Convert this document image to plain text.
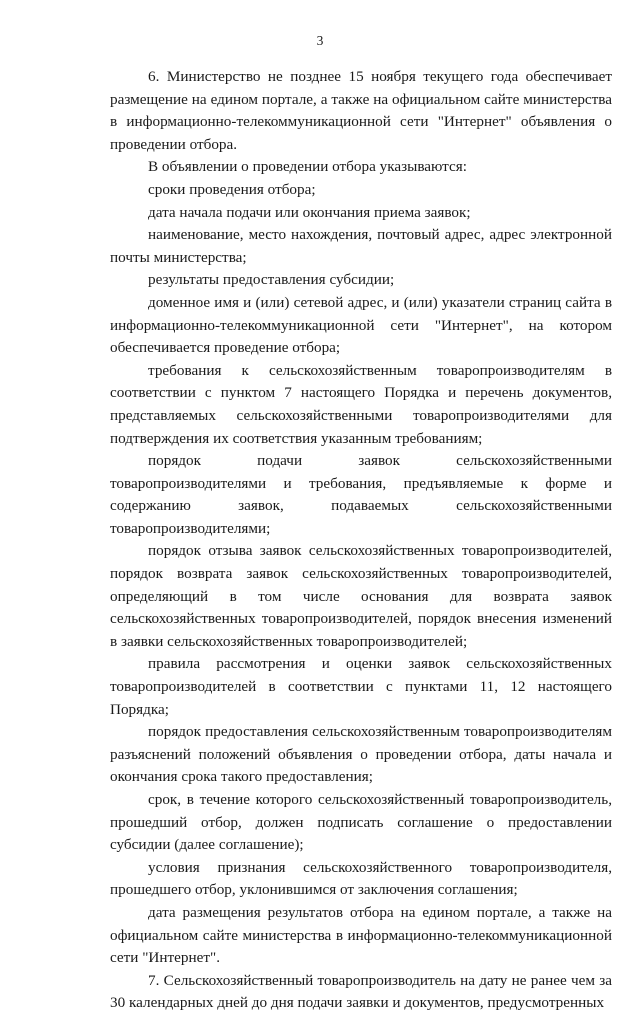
3

6. Министерство не позднее 15 ноября текущего года обеспечивает размещение на едином портале, а также на официальном сайте министерства в информационно-телекоммуникационной сети "Интернет" объявления о проведении отбора.

В объявлении о проведении отбора указываются:

сроки проведения отбора;

дата начала подачи или окончания приема заявок;

наименование, место нахождения, почтовый адрес, адрес электронной почты министерства;

результаты предоставления субсидии;

доменное имя и (или) сетевой адрес, и (или) указатели страниц сайта в информационно-телекоммуникационной сети "Интернет", на котором обеспечивается проведение отбора;

требования к сельскохозяйственным товаропроизводителям в соответствии с пунктом 7 настоящего Порядка и перечень документов, представляемых сельскохозяйственными товаропроизводителями для подтверждения их соответствия указанным требованиям;

порядок подачи заявок сельскохозяйственными товаропроизводителями и требования, предъявляемые к форме и содержанию заявок, подаваемых сельскохозяйственными товаропроизводителями;

порядок отзыва заявок сельскохозяйственных товаропроизводителей, порядок возврата заявок сельскохозяйственных товаропроизводителей, определяющий в том числе основания для возврата заявок сельскохозяйственных товаропроизводителей, порядок внесения изменений в заявки сельскохозяйственных товаропроизводителей;

правила рассмотрения и оценки заявок сельскохозяйственных товаропроизводителей в соответствии с пунктами 11, 12 настоящего Порядка;

порядок предоставления сельскохозяйственным товаропроизводителям разъяснений положений объявления о проведении отбора, даты начала и окончания срока такого предоставления;

срок, в течение которого сельскохозяйственный товаропроизводитель, прошедший отбор, должен подписать соглашение о предоставлении субсидии (далее соглашение);

условия признания сельскохозяйственного товаропроизводителя, прошедшего отбор, уклонившимся от заключения соглашения;

дата размещения результатов отбора на едином портале, а также на официальном сайте министерства в информационно-телекоммуникационной сети "Интернет".

7. Сельскохозяйственный товаропроизводитель на дату не ранее чем за 30 календарных дней до дня подачи заявки и документов, предусмотренных
